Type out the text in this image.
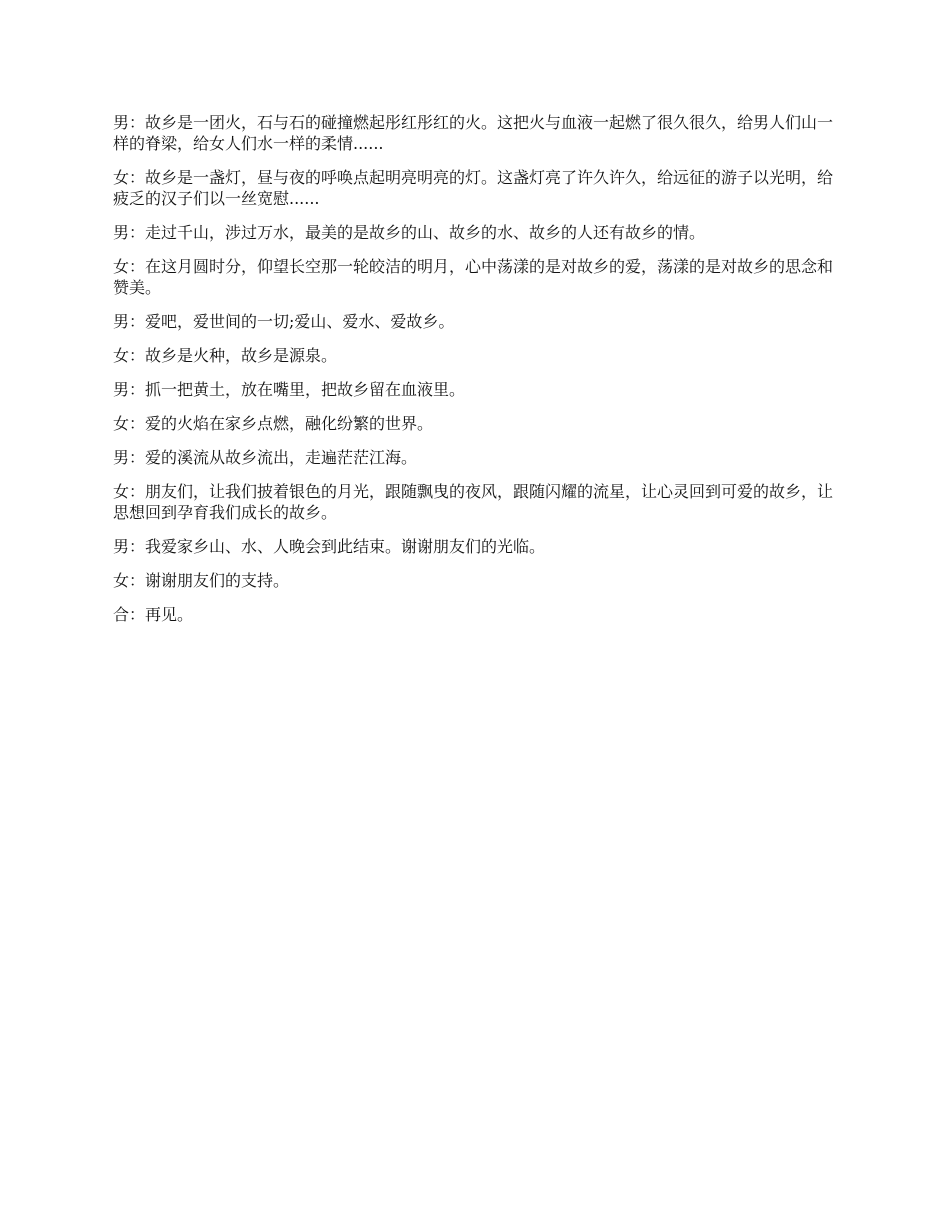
男：故乡是一团火，石与石的碰撞燃起彤红彤红的火。这把火与血液一起燃了很久很久，给男人们山一样的脊梁，给女人们水一样的柔情......

女：故乡是一盏灯，昼与夜的呼唤点起明亮明亮的灯。这盏灯亮了许久许久，给远征的游子以光明，给疲乏的汉子们以一丝宽慰......

男：走过千山，涉过万水，最美的是故乡的山、故乡的水、故乡的人还有故乡的情。

女：在这月圆时分，仰望长空那一轮皎洁的明月，心中荡漾的是对故乡的爱，荡漾的是对故乡的思念和赞美。

男：爱吧，爱世间的一切;爱山、爱水、爱故乡。

女：故乡是火种，故乡是源泉。

男：抓一把黄土，放在嘴里，把故乡留在血液里。

女：爱的火焰在家乡点燃，融化纷繁的世界。

男：爱的溪流从故乡流出，走遍茫茫江海。

女：朋友们，让我们披着银色的月光，跟随飘曳的夜风，跟随闪耀的流星，让心灵回到可爱的故乡，让思想回到孕育我们成长的故乡。

男：我爱家乡山、水、人晚会到此结束。谢谢朋友们的光临。

女：谢谢朋友们的支持。

合：再见。
